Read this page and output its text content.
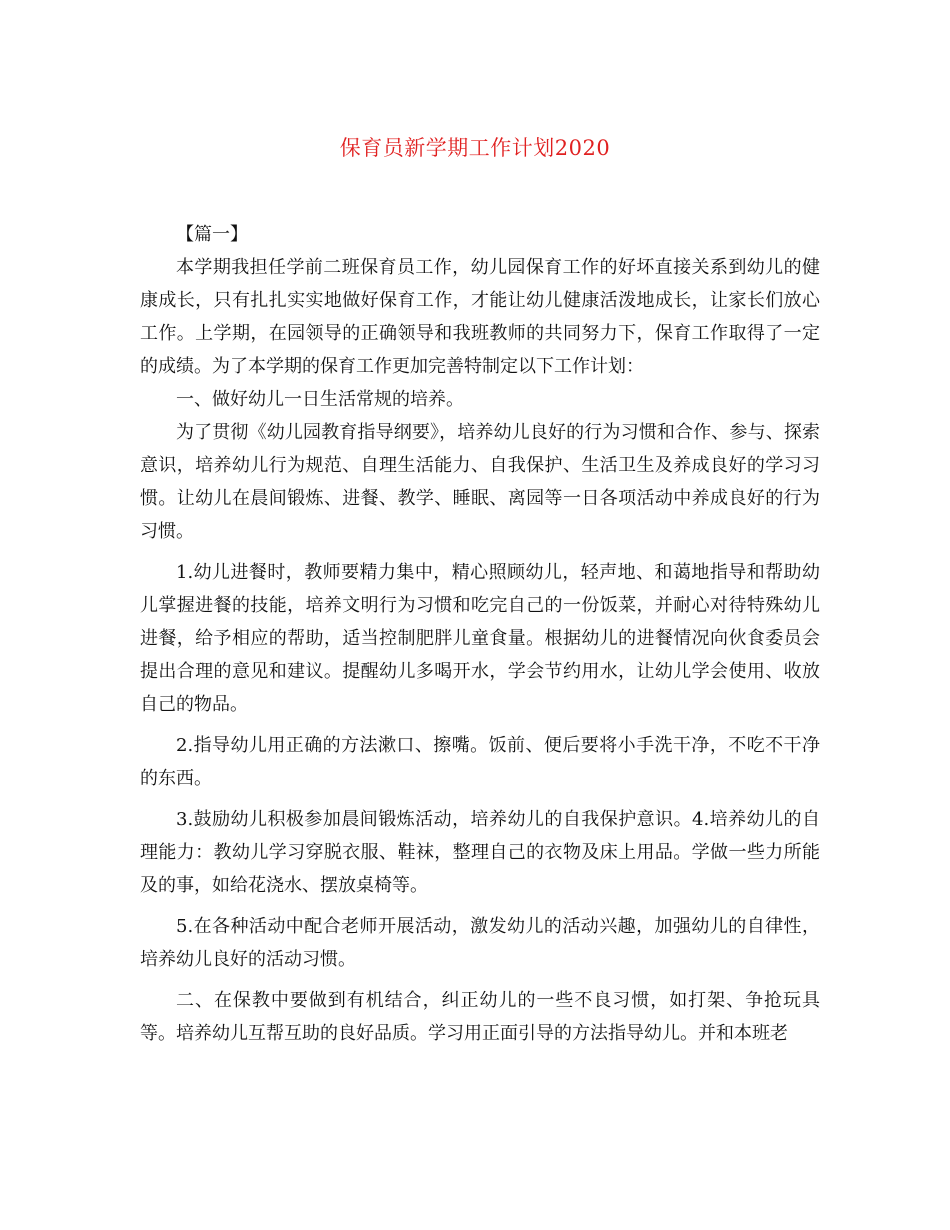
保育员新学期工作计划2020

【篇一】

本学期我担任学前二班保育员工作，幼儿园保育工作的好坏直接关系到幼儿的健康成长，只有扎扎实实地做好保育工作，才能让幼儿健康活泼地成长，让家长们放心工作。上学期，在园领导的正确领导和我班教师的共同努力下，保育工作取得了一定的成绩。为了本学期的保育工作更加完善特制定以下工作计划：

一、做好幼儿一日生活常规的培养。

为了贯彻《幼儿园教育指导纲要》，培养幼儿良好的行为习惯和合作、参与、探索意识，培养幼儿行为规范、自理生活能力、自我保护、生活卫生及养成良好的学习习惯。让幼儿在晨间锻炼、进餐、教学、睡眠、离园等一日各项活动中养成良好的行为习惯。

1.幼儿进餐时，教师要精力集中，精心照顾幼儿，轻声地、和蔼地指导和帮助幼儿掌握进餐的技能，培养文明行为习惯和吃完自己的一份饭菜，并耐心对待特殊幼儿进餐，给予相应的帮助，适当控制肥胖儿童食量。根据幼儿的进餐情况向伙食委员会提出合理的意见和建议。提醒幼儿多喝开水，学会节约用水，让幼儿学会使用、收放自己的物品。

2.指导幼儿用正确的方法漱口、擦嘴。饭前、便后要将小手洗干净，不吃不干净的东西。

3.鼓励幼儿积极参加晨间锻炼活动，培养幼儿的自我保护意识。4.培养幼儿的自理能力：教幼儿学习穿脱衣服、鞋袜，整理自己的衣物及床上用品。学做一些力所能及的事，如给花浇水、摆放桌椅等。

5.在各种活动中配合老师开展活动，激发幼儿的活动兴趣，加强幼儿的自律性，培养幼儿良好的活动习惯。

二、在保教中要做到有机结合，纠正幼儿的一些不良习惯，如打架、争抢玩具等。培养幼儿互帮互助的良好品质。学习用正面引导的方法指导幼儿。并和本班老
